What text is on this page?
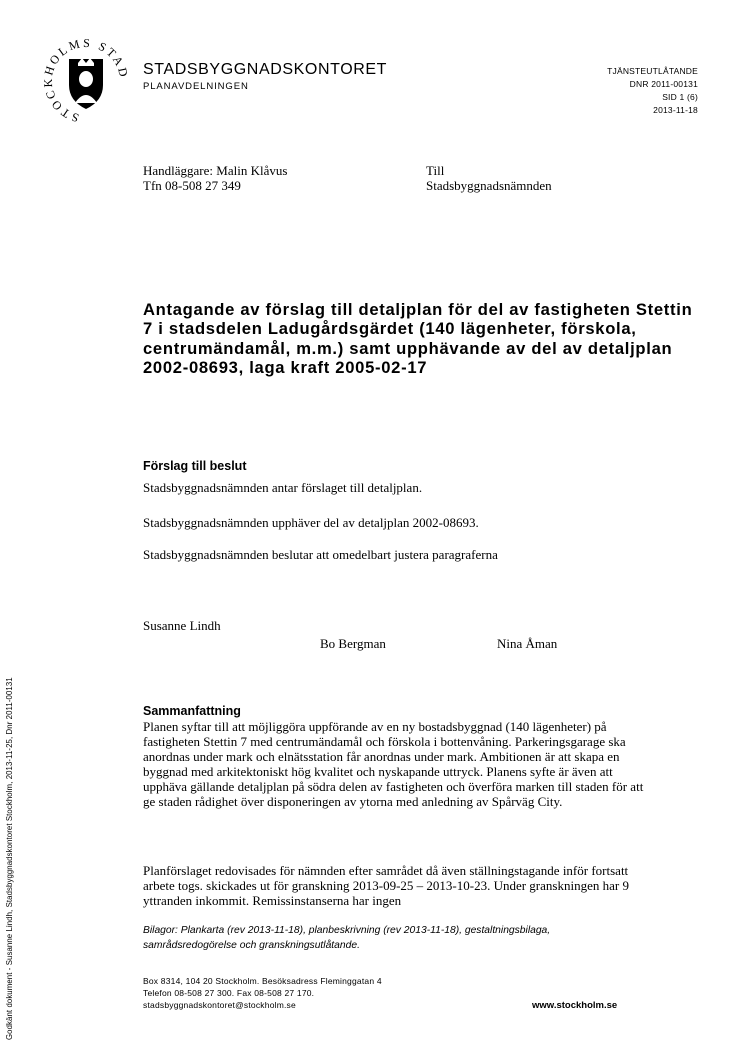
STOCKHOLMS STAD STADSBYGGNADSKONTORET
PLANAVDELNINGEN
TJÄNSTEUTLÅTANDE
DNR 2011-00131
SID 1 (6)
2013-11-18
Handläggare: Malin Klåvus
Tfn 08-508 27 349
Till
Stadsbyggnadsnämnden
Antagande av förslag till detaljplan för del av fastigheten Stettin 7 i stadsdelen Ladugårdsgärdet (140 lägenheter, förskola, centrumändamål, m.m.) samt upphävande av del av detaljplan 2002-08693, laga kraft 2005-02-17
Förslag till beslut
Stadsbyggnadsnämnden antar förslaget till detaljplan.
Stadsbyggnadsnämnden upphäver del av detaljplan 2002-08693.
Stadsbyggnadsnämnden beslutar att omedelbart justera paragraferna
Susanne Lindh
Bo Bergman	Nina Åman
Sammanfattning

Planen syftar till att möjliggöra uppförande av en ny bostadsbyggnad (140 lägenheter) på fastigheten Stettin 7 med centrumändamål och förskola i bottenvåning. Parkeringsgarage ska anordnas under mark och elnätsstation får anordnas under mark. Ambitionen är att skapa en byggnad med arkitektoniskt hög kvalitet och nyskapande uttryck. Planens syfte är även att upphäva gällande detaljplan på södra delen av fastigheten och överföra marken till staden för att ge staden rådighet över disponeringen av ytorna med anledning av Spårväg City.

Planförslaget redovisades för nämnden efter samrådet då även ställningstagande inför fortsatt arbete togs. skickades ut för granskning 2013-09-25 – 2013-10-23. Under granskningen har 9 yttranden inkommit. Remissinstanserna har ingen

Bilagor: Plankarta (rev 2013-11-18), planbeskrivning (rev 2013-11-18), gestaltningsbilaga, samrådsredogörelse och granskningsutlåtande.
Box 8314, 104 20 Stockholm. Besöksadress Fleminggatan 4
Telefon 08-508 27 300. Fax 08-508 27 170.
stadsbyggnadskontoret@stockholm.se	www.stockholm.se
Godkänt dokument - Susanne Lindh, Stadsbyggnadskontoret Stockholm, 2013-11-25, Dnr 2011-00131
